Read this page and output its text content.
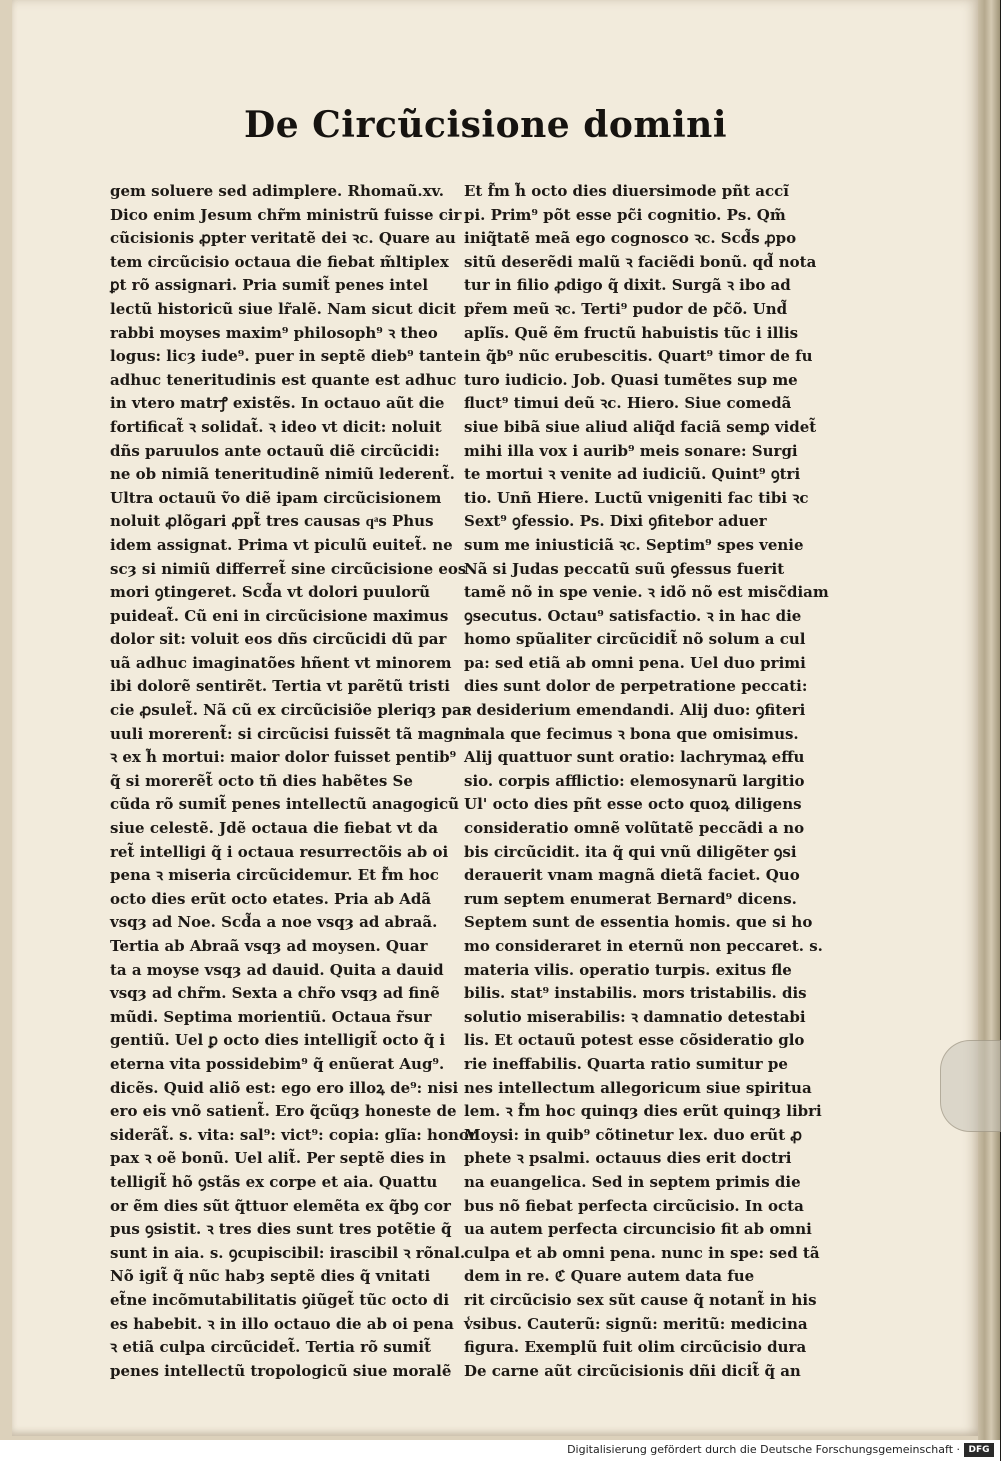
De Circũcisione domini
gem soluere sed adimplere. Rhomaũ.xv.
Dico enim Jesum chr̃m ministrũ fuisse cir
cũcisionis ꝓpter veritatẽ dei ꝛc. Quare au
tem circũcisio octaua die fiebat m̃ltiplex
ꝑt rõ assignari. Pria sumit̃ penes intel
lectũ historicũ siue lr̃alẽ. Nam sicut dicit
rabbi moyses maxim⁹ philosoph⁹ ꝛ theo
logus: licȝ iude⁹. puer in septẽ dieb⁹ tante
adhuc teneritudinis est quante est adhuc
in vtero matrꝭ existẽs. In octauo aũt die
fortificat̃ ꝛ solidat̃. ꝛ ideo vt dicit: noluit
dñs paruulos ante octauũ diẽ circũcidi:
ne ob nimiã teneritudinẽ nimiũ lederent̃.
Ultra octauũ ṽo diẽ ipam circũcisionem
noluit ꝓlõgari ꝓpt̃ tres causas qͣs Phus
idem assignat. Prima vt piculũ euitet̃. ne
scȝ si nimiũ differret̃ sine circũcisione eos
mori ꝯtingeret. Scd̃a vt dolori puulorũ
puideat̃. Cũ eni in circũcisione maximus
dolor sit: voluit eos dñs circũcidi dũ par
uã adhuc imaginatões hñent vt minorem
ibi dolorẽ sentirẽt. Tertia vt parẽtũ tristi
cie ꝓsulet̃. Nã cũ ex circũcisiõe pleriqȝ par
uuli morerent̃: si circũcisi fuissẽt tã magni
ꝛ ex h̃ mortui: maior dolor fuisset pentib⁹
q̃ si morerẽt̃ octo tñ dies habẽtes Se
cũda rõ sumit̃ penes intellectũ anagogicũ
siue celestẽ. Jdẽ octaua die fiebat vt da
ret̃ intelligi q̃ i octaua resurrectõis ab oi
pena ꝛ miseria circũcidemur. Et f̃m hoc
octo dies erũt octo etates. Pria ab Adã
vsqȝ ad Noe. Scd̃a a noe vsqȝ ad abraã.
Tertia ab Abraã vsqȝ ad moysen. Quar
ta a moyse vsqȝ ad dauid. Quita a dauid
vsqȝ ad chr̃m. Sexta a chr̃o vsqȝ ad finẽ
mũdi. Septima morientiũ. Octaua r̃sur
gentiũ. Uel ꝑ octo dies intelligit̃ octo q̃ i
eterna vita possidebim⁹ q̃ enũerat Aug⁹.
dicẽs. Quid aliõ est: ego ero illoꝝ de⁹: nisi
ero eis vnõ satient̃. Ero q̃cũqȝ honeste de
siderãt̃. s. vita: sal⁹: vict⁹: copia: glĩa: honor
pax ꝛ oẽ bonũ. Uel alit̃. Per septẽ dies in
telligit̃ hõ ꝯstãs ex corpe et aia. Quattu
or ẽm dies sũt q̃ttuor elemẽta ex q̃bꝯ cor
pus ꝯsistit. ꝛ tres dies sunt tres potẽtie q̃
sunt in aia. s. ꝯcupiscibil: irascibil ꝛ rõnal.
Nõ igit̃ q̃ nũc habȝ septẽ dies q̃ vnitati
et̃ne incõmutabilitatis ꝯiũget̃ tũc octo di
es habebit. ꝛ in illo octauo die ab oi pena
ꝛ etiã culpa circũcidet̃. Tertia rõ sumit̃
penes intellectũ tropologicũ siue moralẽ
Et f̃m h̃ octo dies diuersimode pñt accĩ
pi. Prim⁹ põt esse pc̃i cognitio. Ps. Qm̃
iniq̃tatẽ meã ego cognosco ꝛc. Scd̃s ꝓpo
sitũ deserẽdi malũ ꝛ faciẽdi bonũ. qd̃ nota
tur in filio ꝓdigo q̃ dixit. Surgã ꝛ ibo ad
pr̃em meũ ꝛc. Terti⁹ pudor de pc̃õ. Und̃
aplĩs. Quẽ ẽm fructũ habuistis tũc i illis
in q̃b⁹ nũc erubescitis. Quart⁹ timor de fu
turo iudicio. Job. Quasi tumẽtes sup me
fluct⁹ timui deũ ꝛc. Hiero. Siue comedã
siue bibã siue aliud aliq̃d faciã semꝑ videt̃
mihi illa vox i aurib⁹ meis sonare: Surgi
te mortui ꝛ venite ad iudiciũ. Quint⁹ ꝯtri
tio. Unñ Hiere. Luctũ vnigeniti fac tibi ꝛc
Sext⁹ ꝯfessio. Ps. Dixi ꝯfitebor aduer
sum me iniusticiã ꝛc. Septim⁹ spes venie
Nã si Judas peccatũ suũ ꝯfessus fuerit
tamẽ nõ in spe venie. ꝛ idõ nõ est misc̃diam
ꝯsecutus. Octau⁹ satisfactio. ꝛ in hac die
homo spũaliter circũcidit̃ nõ solum a cul
pa: sed etiã ab omni pena. Uel duo primi
dies sunt dolor de perpetratione peccati:
ꝛ desiderium emendandi. Alij duo: ꝯfiteri
mala que fecimus ꝛ bona que omisimus.
Alij quattuor sunt oratio: lachrymaꝝ effu
sio. corpis afflictio: elemosynarũ largitio
Ul' octo dies pñt esse octo quoꝝ diligens
consideratio omnẽ volũtatẽ peccãdi a no
bis circũcidit. ita q̃ qui vnũ diligẽter ꝯsi
derauerit vnam magnã dietã faciet. Quo
rum septem enumerat Bernard⁹ dicens.
Septem sunt de essentia homis. que si ho
mo consideraret in eternũ non peccaret. s.
materia vilis. operatio turpis. exitus fle
bilis. stat⁹ instabilis. mors tristabilis. dis
solutio miserabilis: ꝛ damnatio detestabi
lis. Et octauũ potest esse cõsideratio glo
rie ineffabilis. Quarta ratio sumitur pe
nes intellectum allegoricum siue spiritua
lem. ꝛ f̃m hoc quinqȝ dies erũt quinqȝ libri
Moysi: in quib⁹ cõtinetur lex. duo erũt ꝓ
phete ꝛ psalmi. octauus dies erit doctri
na euangelica. Sed in septem primis die
bus nõ fiebat perfecta circũcisio. In octa
ua autem perfecta circuncisio fit ab omni
culpa et ab omni pena. nunc in spe: sed tã
dem in re. ℭ Quare autem data fue
rit circũcisio sex sũt cause q̃ notant̃ in his
v̾sibus. Cauterũ: signũ: meritũ: medicina
figura. Exemplũ fuit olim circũcisio dura
De carne aũt circũcisionis dñi dicit̃ q̃ an
Digitalisierung gefördert durch die Deutsche Forschungsgemeinschaft · DFG
